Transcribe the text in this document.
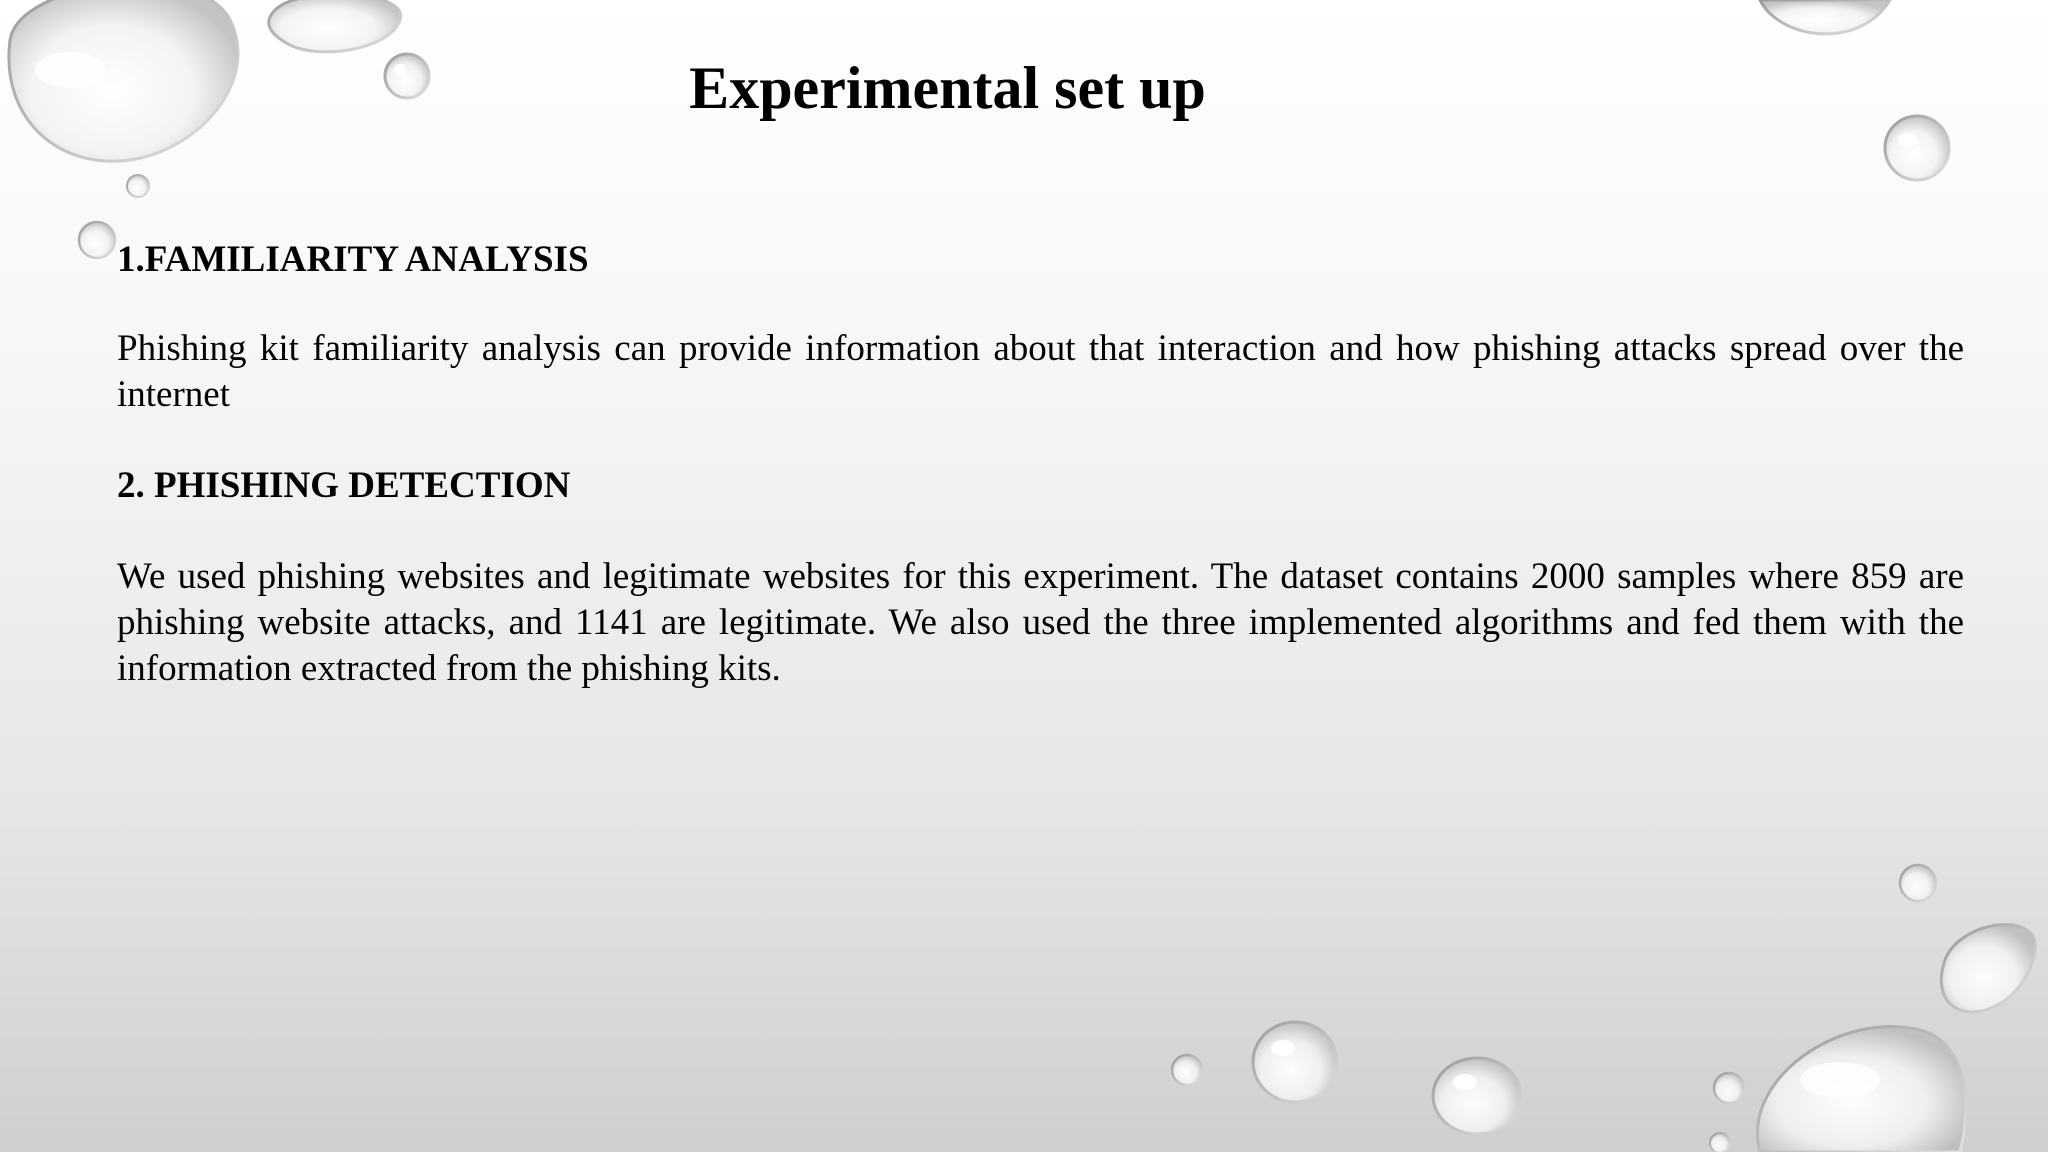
Experimental set up

1.FAMILIARITY ANALYSIS

Phishing kit familiarity analysis can provide information about that interaction and how phishing attacks spread over the internet

2. PHISHING DETECTION

We used phishing websites and legitimate websites for this experiment. The dataset contains 2000 samples where 859 are phishing website attacks, and 1141 are legitimate. We also used the three implemented algorithms and fed them with the information extracted from the phishing kits.
